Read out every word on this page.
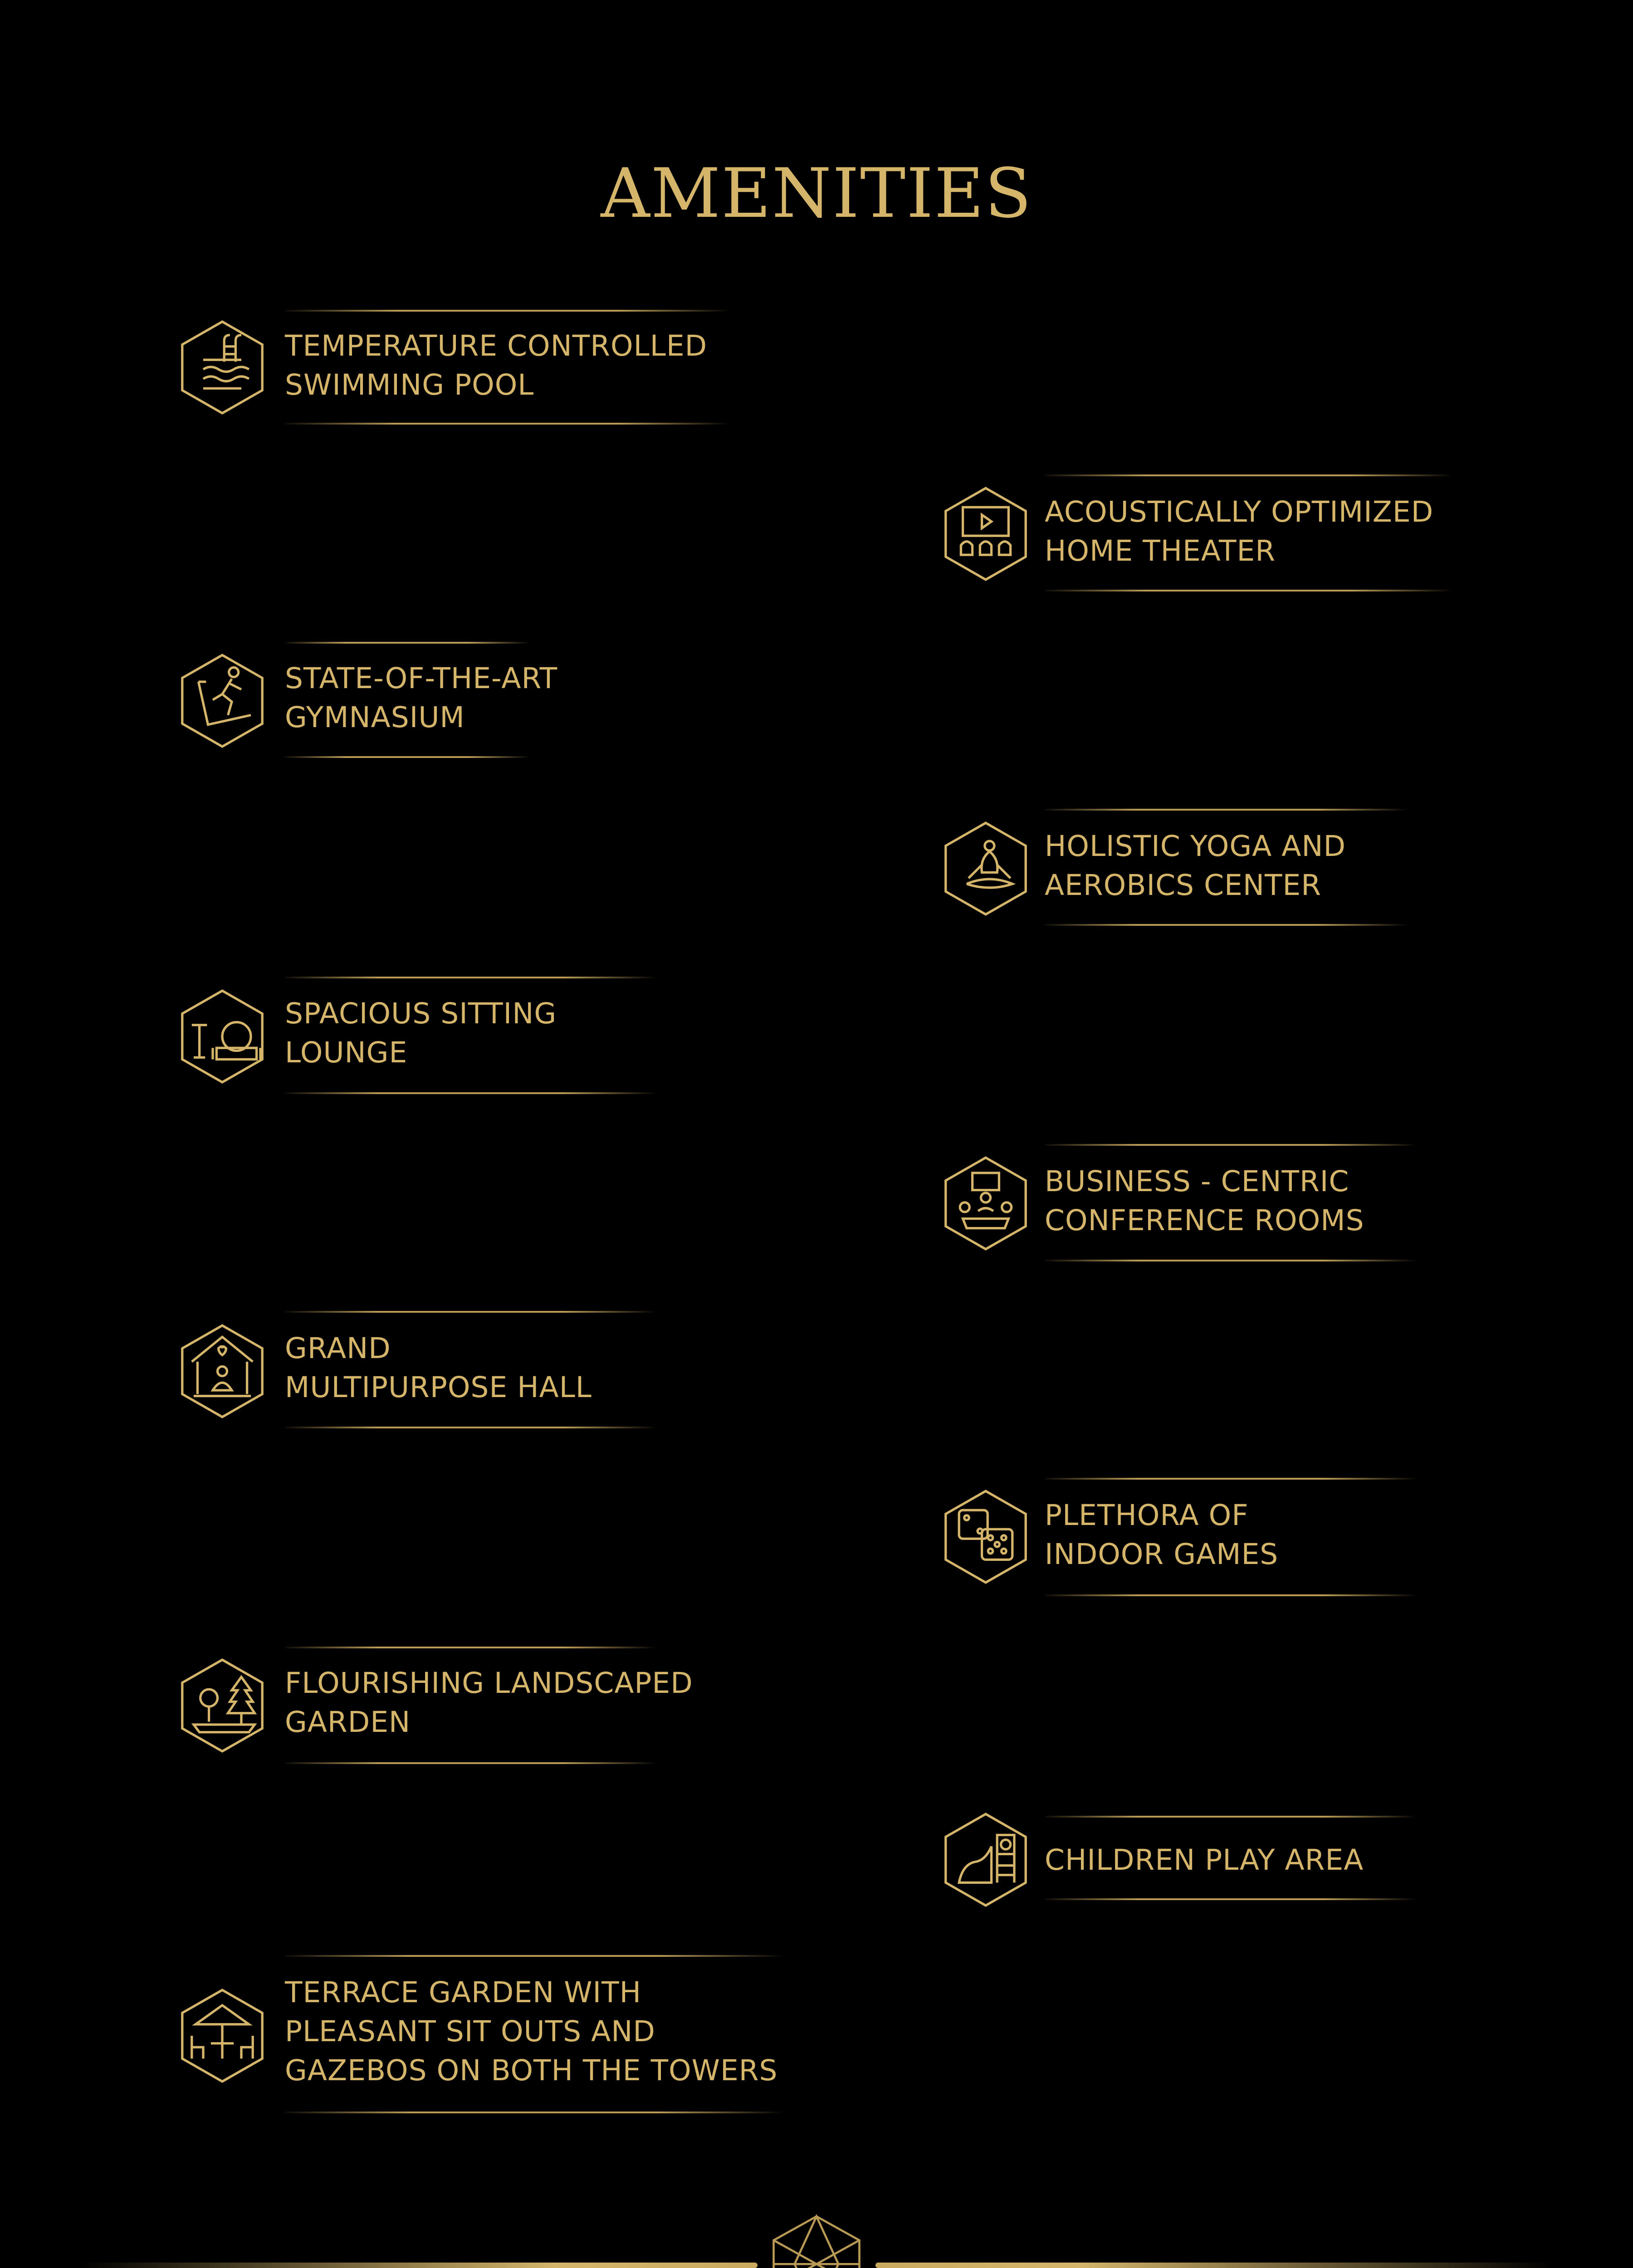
AMENITIES
TEMPERATURE CONTROLLED
SWIMMING POOL
STATE-OF-THE-ART
GYMNASIUM
SPACIOUS SITTING
LOUNGE
GRAND
MULTIPURPOSE HALL
FLOURISHING LANDSCAPED
GARDEN
TERRACE GARDEN WITH
PLEASANT SIT OUTS AND
GAZEBOS ON BOTH THE TOWERS
ACOUSTICALLY OPTIMIZED
HOME THEATER
HOLISTIC YOGA AND
AEROBICS CENTER
BUSINESS - CENTRIC
CONFERENCE ROOMS
PLETHORA OF
INDOOR GAMES
CHILDREN PLAY AREA
